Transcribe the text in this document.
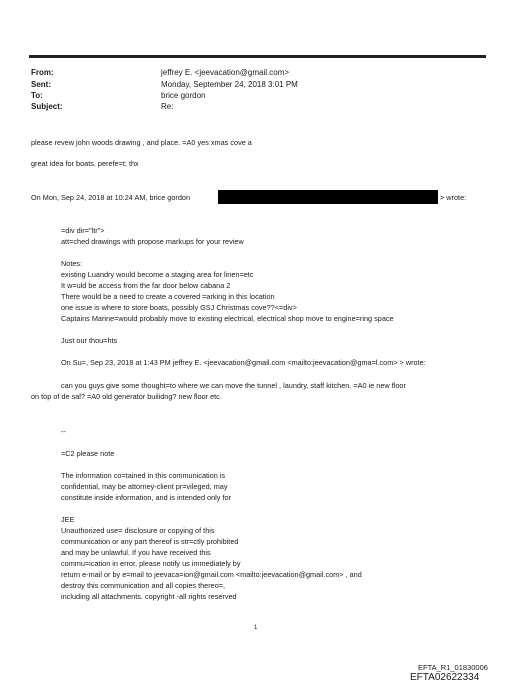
From:	jeffrey E. <jeevacation@gmail.com>
Sent:	Monday, September 24, 2018 3:01 PM
To:	brice gordon
Subject:	Re:
please revew john woods drawing , and place. =A0 yes xmas cove a
great idea for boats. perefe=t; thx
On Mon, Sep 24, 2018 at 10:24 AM, brice gordon	> wrote:
=div dir="ltr">
att=ched drawings with propose markups for your review
Notes:
existing Luandry would become a staging area for linen=etc
It w=uld be access from the far door below cabana 2
There would be a need to create a covered =arking in this location
one issue is where to store boats, possibly GSJ Christmas cove??<=div>
Captains Marine=would probably move to existing electrical, electrical shop move to engine=ring space
Just our thou=hts
On Su=, Sep 23, 2018 at 1:43 PM jeffrey E. <jeevacation@gmail.com <mailto:jeevacation@gma=l.com> > wrote:
can you guys give some thought=to where we can move the tunnel , laundry, staff kitchen. =A0 ie new floor
on top of de sal? =A0 old generator builidng? new floor etc.
--
=C2 please note
The information co=tained in this communication is
confidential, may be attorney-client pr=vileged, may
constitute inside information, and is intended only for
JEE
Unauthorized use= disclosure or copying of this
communication or any part thereof is str=ctly prohibited
and may be unlawful. If you have received this
commu=ication in error, please notify us immediately by
return e-mail or by e=mail to jeevaca=ion@gmail.com <mailto:jeevacation@gmail.com> , and
destroy this communication and all copies thereo=,
including all attachments. copyright -all rights reserved
1
EFTA_R1_01830006
EFTA02622334
